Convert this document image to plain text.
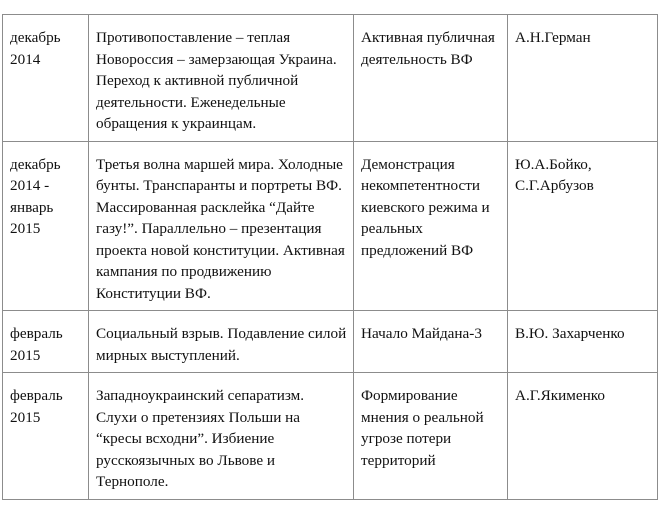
декабрь 2014	Противопоставление – теплая Новороссия – замерзающая Украина. Переход к активной публичной деятельности. Еженедельные обращения к украинцам.	Активная публичная деятельность ВФ	А.Н.Герман

декабрь 2014 - январь 2015	Третья волна маршей мира. Холодные бунты. Транспаранты и портреты ВФ. Массированная расклейка “Дайте газу!”. Параллельно – презентация проекта новой конституции. Активная кампания по продвижению Конституции ВФ.	Демонстрация некомпетентности киевского режима и реальных предложений ВФ	Ю.А.Бойко, С.Г.Арбузов

февраль 2015	Социальный взрыв. Подавление силой мирных выступлений.	Начало Майдана-3	В.Ю. Захарченко

февраль 2015	Западноукраинский сепаратизм. Слухи о претензиях Польши на “кресы всходни”. Избиение русскоязычных во Львове и Тернополе.	Формирование мнения о реальной угрозе потери территорий	А.Г.Якименко
